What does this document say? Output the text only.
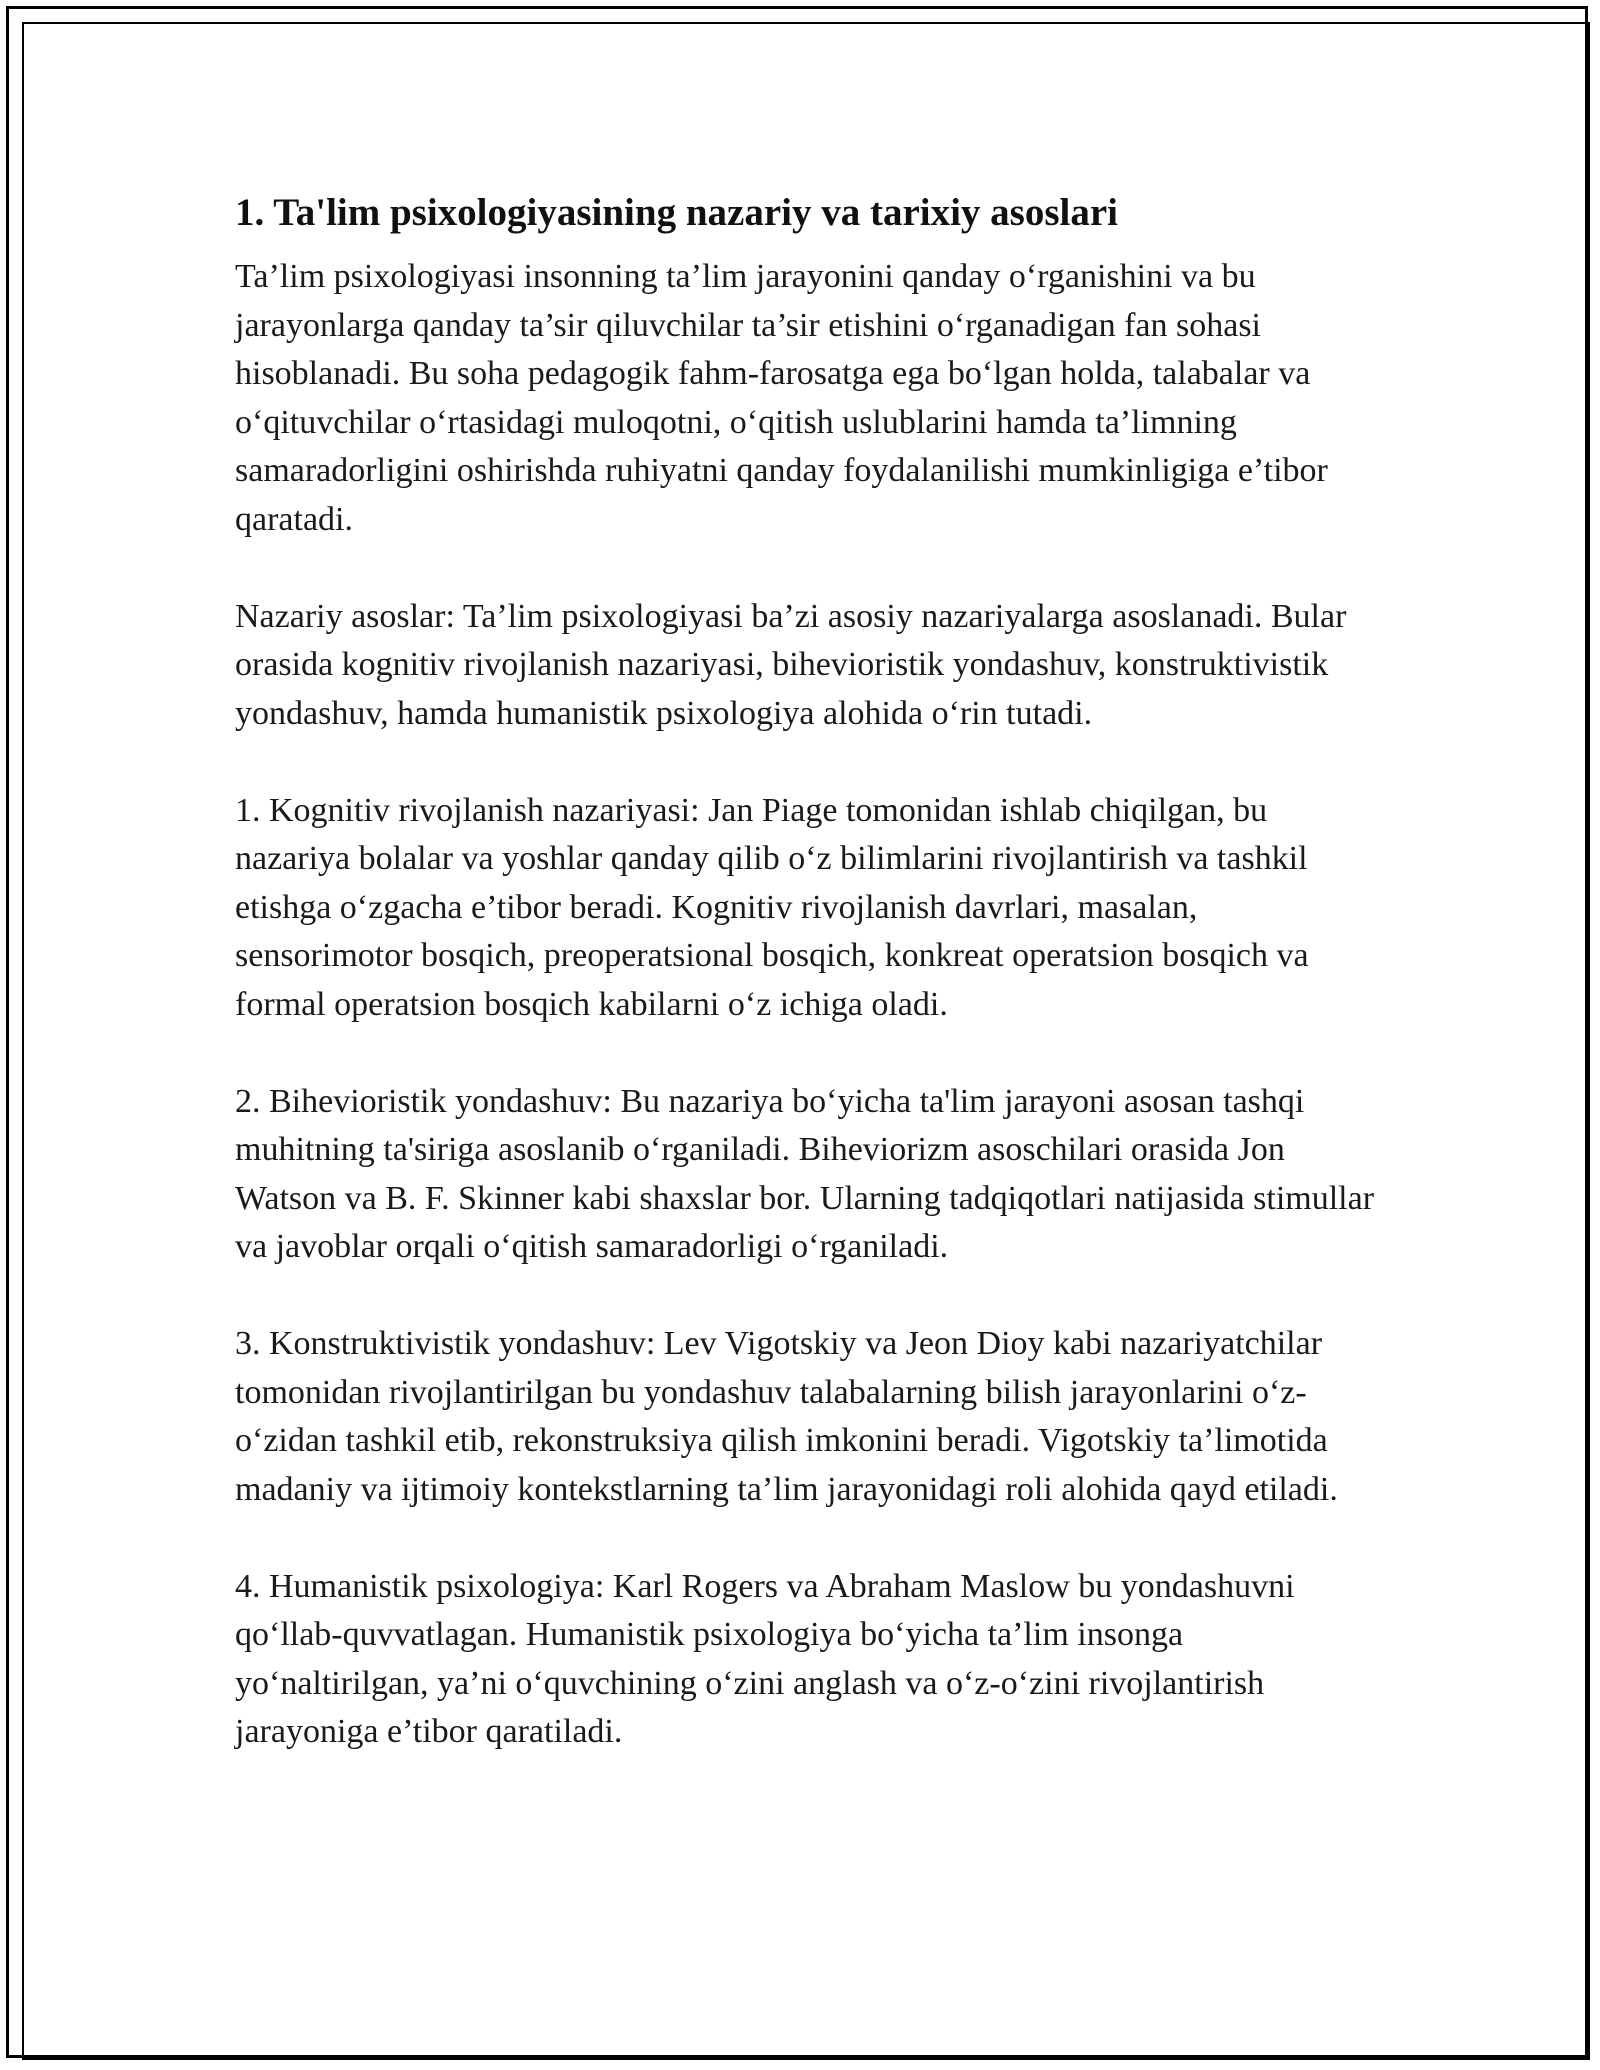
1. Ta'lim psixologiyasining nazariy va tarixiy asoslari

Ta’lim psixologiyasi insonning ta’lim jarayonini qanday o‘rganishini va bu jarayonlarga qanday ta’sir qiluvchilar ta’sir etishini o‘rganadigan fan sohasi hisoblanadi. Bu soha pedagogik fahm-farosatga ega bo‘lgan holda, talabalar va o‘qituvchilar o‘rtasidagi muloqotni, o‘qitish uslublarini hamda ta’limning samaradorligini oshirishda ruhiyatni qanday foydalanilishi mumkinligiga e’tibor qaratadi.

Nazariy asoslar: Ta’lim psixologiyasi ba’zi asosiy nazariyalarga asoslanadi. Bular orasida kognitiv rivojlanish nazariyasi, bihevioristik yondashuv, konstruktivistik yondashuv, hamda humanistik psixologiya alohida o‘rin tutadi.

1. Kognitiv rivojlanish nazariyasi: Jan Piage tomonidan ishlab chiqilgan, bu nazariya bolalar va yoshlar qanday qilib o‘z bilimlarini rivojlantirish va tashkil etishga o‘zgacha e’tibor beradi. Kognitiv rivojlanish davrlari, masalan, sensorimotor bosqich, preoperatsional bosqich, konkreat operatsion bosqich va formal operatsion bosqich kabilarni o‘z ichiga oladi.

2. Bihevioristik yondashuv: Bu nazariya bo‘yicha ta'lim jarayoni asosan tashqi muhitning ta'siriga asoslanib o‘rganiladi. Biheviorizm asoschilari orasida Jon Watson va B. F. Skinner kabi shaxslar bor. Ularning tadqiqotlari natijasida stimullar va javoblar orqali o‘qitish samaradorligi o‘rganiladi.

3. Konstruktivistik yondashuv: Lev Vigotskiy va Jeon Dioy kabi nazariyatchilar tomonidan rivojlantirilgan bu yondashuv talabalarning bilish jarayonlarini o‘z-o‘zidan tashkil etib, rekonstruksiya qilish imkonini beradi. Vigotskiy ta’limotida madaniy va ijtimoiy kontekstlarning ta’lim jarayonidagi roli alohida qayd etiladi.

4. Humanistik psixologiya: Karl Rogers va Abraham Maslow bu yondashuvni qo‘llab-quvvatlagan. Humanistik psixologiya bo‘yicha ta’lim insonga yo‘naltirilgan, ya’ni o‘quvchining o‘zini anglash va o‘z-o‘zini rivojlantirish jarayoniga e’tibor qaratiladi.
